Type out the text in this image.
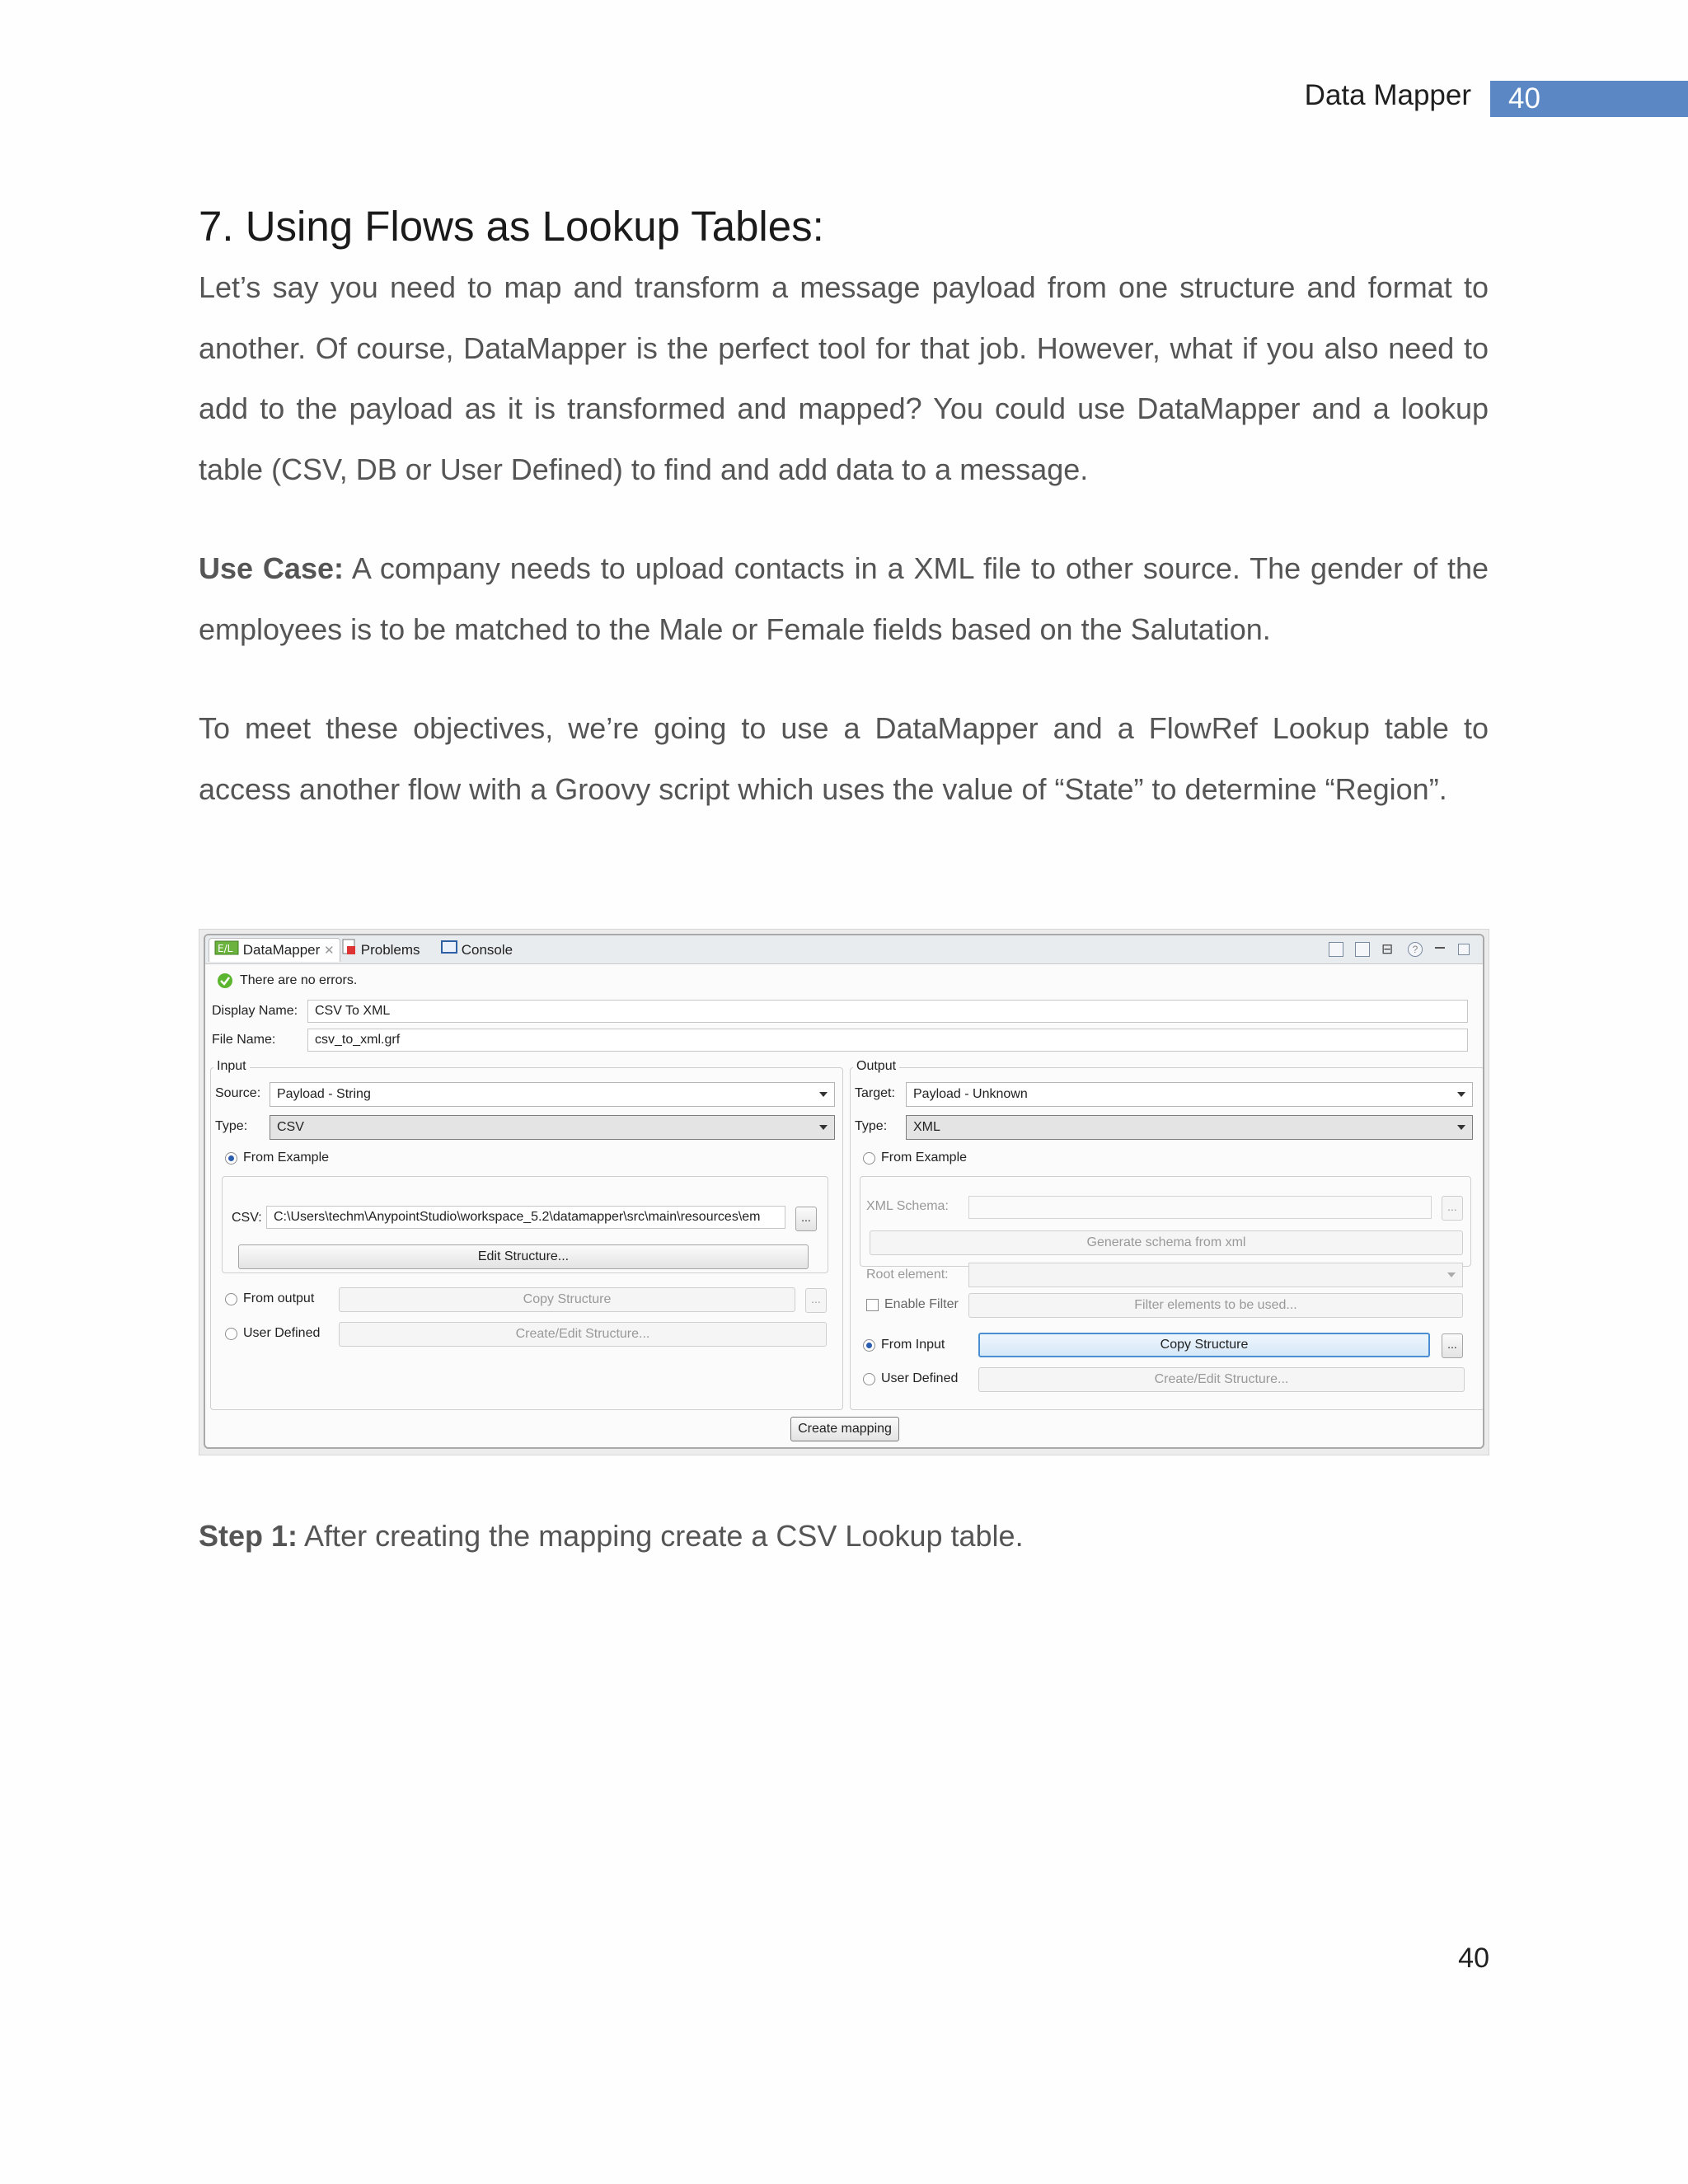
Data Mapper 40
7. Using Flows as Lookup Tables:

Let’s say you need to map and transform a message payload from one structure and format to another. Of course, DataMapper is the perfect tool for that job. However, what if you also need to add to the payload as it is transformed and mapped? You could use DataMapper and a lookup table (CSV, DB or User Defined) to find and add data to a message.

Use Case: A company needs to upload contacts in a XML file to other source. The gender of the employees is to be matched to the Male or Female fields based on the Salutation.

To meet these objectives, we’re going to use a DataMapper and a FlowRef Lookup table to access another flow with a Groovy script which uses the value of “State” to determine “Region”.

E/L DataMapper ✕	Problems	Console	⊟	?
There are no errors.
Display Name:	CSV To XML
File Name:	csv_to_xml.grf
Input
Source:	Payload - String
Type:	CSV
From Example
CSV: C:\Users\techm\AnypointStudio\workspace_5.2\datamapper\src\main\resources\em	...
Edit Structure...
From output	Copy Structure	...
User Defined	Create/Edit Structure...
Output
Target:	Payload - Unknown
Type:	XML
From Example
XML Schema:	...
Generate schema from xml
Root element:
Enable Filter	Filter elements to be used...
From Input	Copy Structure	...
User Defined	Create/Edit Structure...
Create mapping

Step 1: After creating the mapping create a CSV Lookup table.

40
